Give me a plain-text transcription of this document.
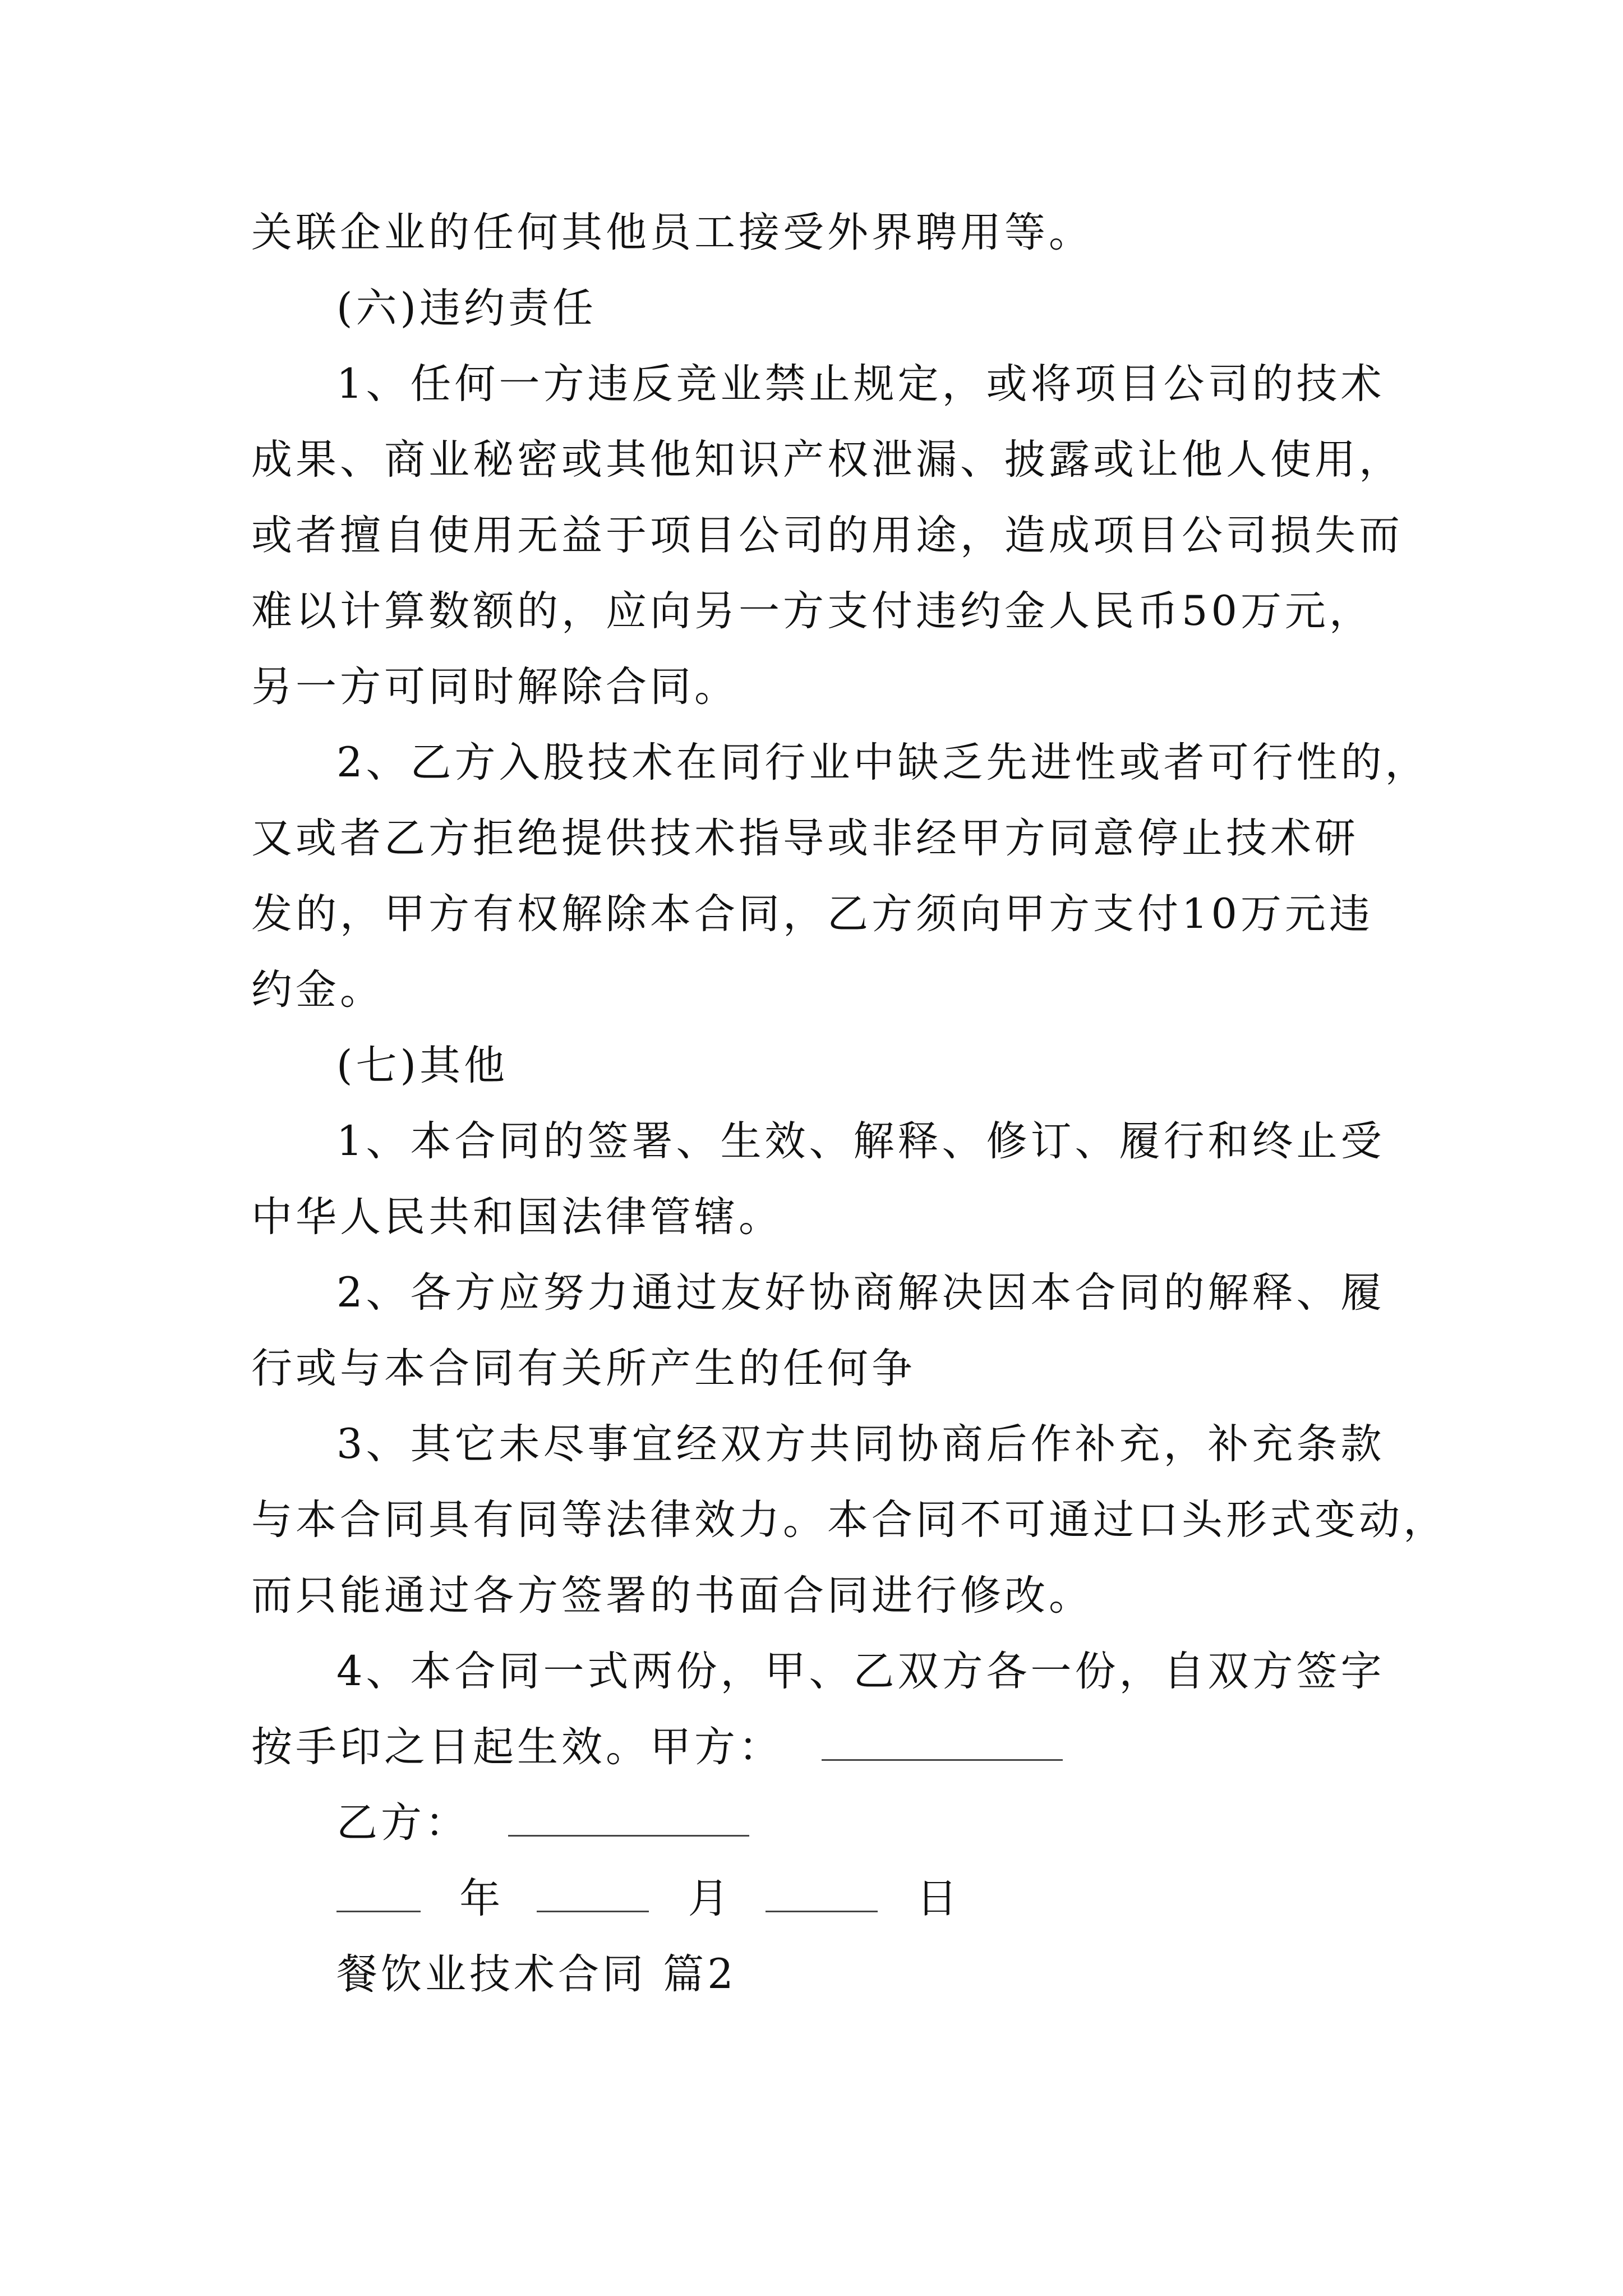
关联企业的任何其他员工接受外界聘用等。
(六)违约责任
1、任何一方违反竞业禁止规定，或将项目公司的技术
成果、商业秘密或其他知识产权泄漏、披露或让他人使用，
或者擅自使用无益于项目公司的用途，造成项目公司损失而
难以计算数额的，应向另一方支付违约金人民币50万元，
另一方可同时解除合同。
2、乙方入股技术在同行业中缺乏先进性或者可行性的，
又或者乙方拒绝提供技术指导或非经甲方同意停止技术研
发的，甲方有权解除本合同，乙方须向甲方支付10万元违
约金。
(七)其他
1、本合同的签署、生效、解释、修订、履行和终止受
中华人民共和国法律管辖。
2、各方应努力通过友好协商解决因本合同的解释、履
行或与本合同有关所产生的任何争
3、其它未尽事宜经双方共同协商后作补充，补充条款
与本合同具有同等法律效力。本合同不可通过口头形式变动，
而只能通过各方签署的书面合同进行修改。
4、本合同一式两份，甲、乙双方各一份，自双方签字
按手印之日起生效。甲方：
乙方：
年	月	日
餐饮业技术合同 篇2
